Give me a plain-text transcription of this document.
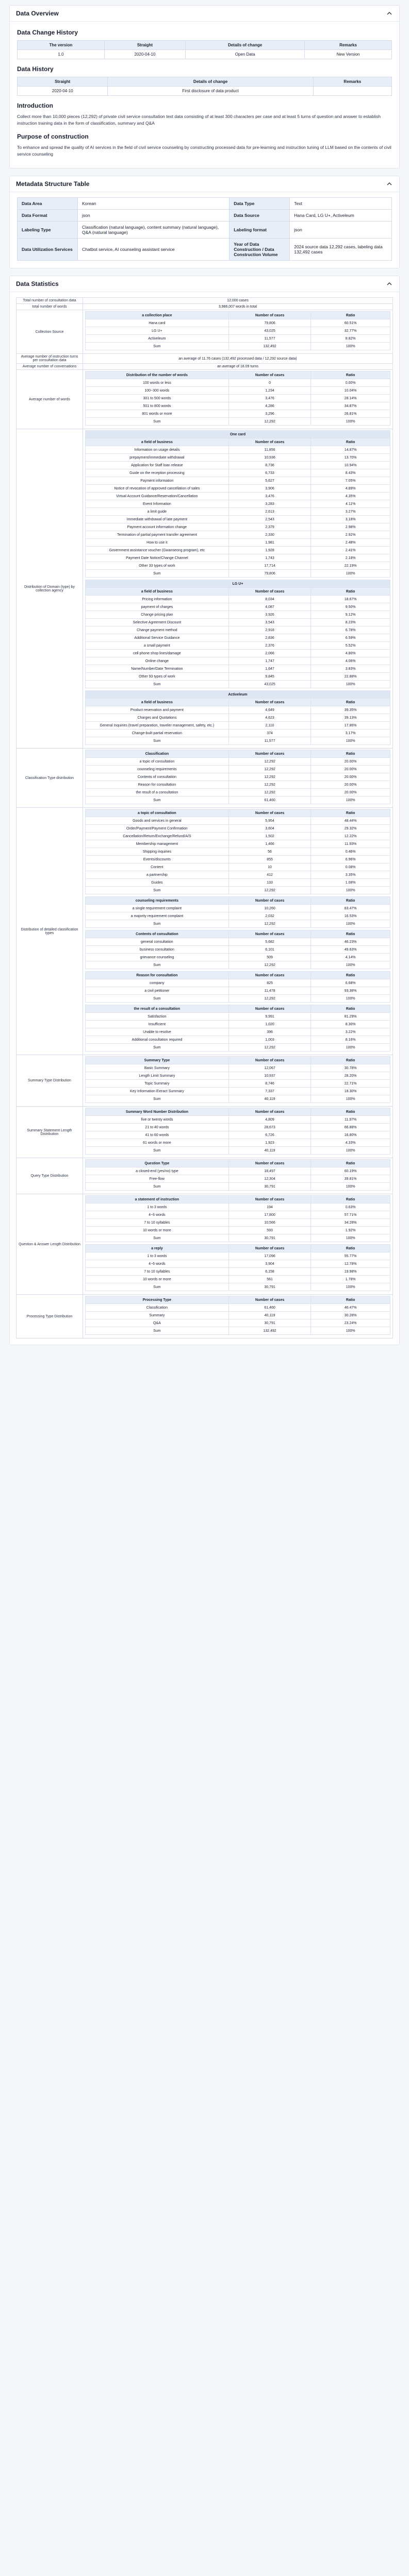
Data Overview
Data Change History
The version	Straight	Details of change	Remarks
1.0	2020-04-10	Open Data	New Version
Data History
Straight	Details of change	Remarks
2020-04-10	First disclosure of data product	
Introduction

Collect more than 10,000 pieces (12,292) of private civil service consultation text data consisting of at least 300 characters per case and at least 5 turns of question and answer to establish instruction training data in the form of classification, summary and Q&A

Purpose of construction

To enhance and spread the quality of AI services in the field of civil service counseling by constructing processed data for pre-learning and instruction tuning of LLM based on the contents of civil service counseling

Metadata Structure Table
Data Area	Korean	Data Type	Text
Data Format	json	Data Source	Hana Card, LG U+, Activeleum
Labeling Type	Classification (natural language), content summary (natural language), Q&A (natural language)	Labeling format	json
Data Utilization Services	Chatbot service, AI counseling assistant service	Year of Data Construction / Data Construction Volume	2024 source data 12,292 cases, labeling data 132,492 cases
Data Statistics
Total number of consultation data	12,000 cases
total number of words	3,986,007 words in total
Collection Source	
a collection place	Number of cases	Ratio
Hana card	79,806	60.51%
LG U+	43,025	32.77%
Activeleum	11,577	8.82%
Sum	132,492	100%

Average number of instruction turns per consultation data	an average of 11.76 cases (132,492 processed data / 12,292 source data)
Average number of conversations	an average of 18.09 turns
Average number of words	
Distribution of the number of words	Number of cases	Ratio
100 words or less	0	0.00%
100~300 words	1,234	10.04%
301 to 500 words	3,476	28.14%
501 to 800 words	4,286	34.87%
801 words or more	3,296	26.81%
Sum	12,292	100%

Distribution of Domain (type) by collection agency	
One card
a field of business	Number of cases	Ratio
Information on usage details	11,856	14.87%
prepayment/immediate withdrawal	10,936	13.70%
Application for Staff loan release	8,736	10.94%
Guide on the reception processing	6,733	8.43%
Payment information	5,627	7.05%
Notice of revocation of approved cancellation of sales	3,906	4.89%
Virtual Account Guidance/Reservation/Cancellation	3,476	4.35%
Event Information	3,283	4.11%
a limit guide	2,613	3.27%
Immediate withdrawal of late payment	2,543	3.18%
Payment account information change	2,379	2.98%
Termination of partial payment transfer agreement	2,330	2.92%
How to use it	1,981	2.48%
Government assistance voucher (Gwanseong program), etc	1,928	2.41%
Payment Date Notice/Change Channel	1,743	2.18%
Other 33 types of work	17,714	22.19%
Sum	79,806	100%
LG U+
a field of business	Number of cases	Ratio
Pricing information	8,034	18.67%
payment of charges	4,087	9.50%
Change pricing plan	3,926	9.12%
Selective Agreement Discount	3,543	8.23%
Change payment method	2,918	6.78%
Additional Service Guidance	2,836	6.59%
a small payment	2,376	5.52%
cell phone shop lines/damage	2,066	4.80%
Online change	1,747	4.06%
Name/Number/Date Termination	1,647	3.83%
Other 93 types of work	9,845	22.88%
Sum	43,025	100%
Activeleum
a field of business	Number of cases	Ratio
Product reservation and payment	4,649	39.35%
Charges and Quotations	4,623	39.13%
General Inquiries (travel preparation, traveler management, safety, etc.)	2,110	17.86%
Change-built partial reservation	374	3.17%
Sum	11,577	100%

Classification Type distribution	
Classification	Number of cases	Ratio
a topic of consultation	12,292	20.00%
counseling requirements	12,292	20.00%
Contents of consultation	12,292	20.00%
Reason for consultation	12,292	20.00%
the result of a consultation	12,292	20.00%
Sum	61,460	100%

Distribution of detailed classification types	
a topic of consultation	Number of cases	Ratio
Goods and services in general	5,954	48.44%
Order/Payment/Payment Confirmation	3,604	29.32%
Cancellation/Return/Exchange/Refund/A/S	1,502	12.22%
Membership management	1,466	11.93%
Shipping inquiries	56	0.46%
Events/discounts	855	6.96%
Content	10	0.08%
a partnership	412	3.35%
Guides	133	1.08%
Sum	12,292	100%
counseling requirements	Number of cases	Ratio
a single requirement complaint	10,260	83.47%
a majority requirement complaint	2,032	16.53%
Sum	12,292	100%
Contents of consultation	Number of cases	Ratio
general consultation	5,682	46.23%
business consultation	6,101	49.63%
grievance counseling	509	4.14%
Sum	12,292	100%
Reason for consultation	Number of cases	Ratio
company	825	6.68%
a civil petitioner	11,478	93.38%
Sum	12,292	100%
the result of a consultation	Number of cases	Ratio
Satisfaction	9,991	81.29%
Insufficient	1,020	8.30%
Unable to resolve	396	3.22%
Additional consultation required	1,003	8.16%
Sum	12,292	100%

Summary Type Distribution	
Summary Type	Number of cases	Ratio
Basic Summary	12,067	30.78%
Length Limit Summary	10,937	28.20%
Topic Summary	8,746	22.71%
Key Information Extract Summary	7,337	18.30%
Sum	40,119	100%

Summary Statement Length Distribution	
Summary Word Number Distribution	Number of cases	Ratio
five or twenty words	4,809	11.97%
21 to 40 words	28,673	66.88%
41 to 60 words	6,726	16.80%
61 words or more	1,923	4.33%
Sum	40,119	100%

Query Type Distribution	
Question Type	Number of cases	Ratio
a closed-end (yes/no) type	18,497	60.19%
Free-flow	12,304	39.81%
Sum	30,791	100%

Question & Answer Length Distribution	
a statement of instruction	Number of cases	Ratio
1 to 3 words	194	0.63%
4~6 words	17,800	57.71%
7 to 10 syllables	10,566	34.28%
10 words or more	593	1.92%
Sum	30,791	100%
a reply	Number of cases	Ratio
1 to 3 words	17,096	55.77%
4~6 words	3,904	12.78%
7 to 10 syllables	6,158	19.98%
10 words or more	561	1.78%
Sum	30,791	100%

Processing Type Distribution	
Processing Type	Number of cases	Ratio
Classification	61,460	46.47%
Summary	40,119	30.28%
Q&A	30,791	23.24%
Sum	132,492	100%
